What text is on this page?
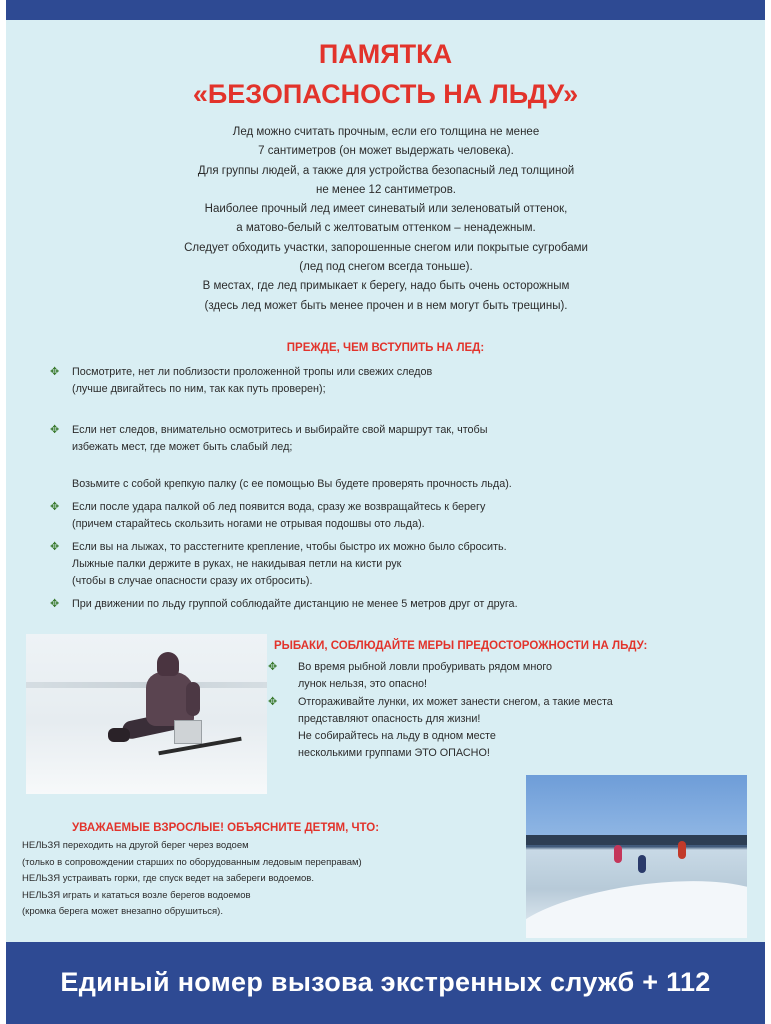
ПАМЯТКА
«БЕЗОПАСНОСТЬ НА ЛЬДУ»

Лед можно считать прочным, если его толщина не менее

7 сантиметров (он может выдержать человека).

Для группы людей, а также для устройства безопасный лед толщиной

не менее 12 сантиметров.

Наиболее прочный лед имеет синеватый или зеленоватый оттенок,

а матово-белый с желтоватым оттенком – ненадежным.

Следует обходить участки, запорошенные снегом или покрытые сугробами

(лед под снегом всегда тоньше).

В местах, где лед примыкает к берегу, надо быть очень осторожным

(здесь лед может быть менее прочен и в нем могут быть трещины).

ПРЕЖДЕ, ЧЕМ ВСТУПИТЬ НА ЛЕД:
✥ Посмотрите, нет ли поблизости проложенной тропы или свежих следов
(лучше двигайтесь по ним, так как путь проверен);
✥ Если нет следов, внимательно осмотритесь и выбирайте свой маршрут так, чтобы
избежать мест, где может быть слабый лед;

Возьмите с собой крепкую палку (с ее помощью Вы будете проверять прочность льда).

✥ Если после удара палкой об лед появится вода, сразу же возвращайтесь к берегу
(причем старайтесь скользить ногами не отрывая подошвы ото льда).
✥ Если вы на лыжах, то расстегните крепление, чтобы быстро их можно было сбросить.
Лыжные палки держите в руках, не накидывая петли на кисти рук
(чтобы в случае опасности сразу их отбросить).
✥ При движении по льду группой соблюдайте дистанцию не менее 5 метров друг от друга.
РЫБАКИ, СОБЛЮДАЙТЕ МЕРЫ ПРЕДОСТОРОЖНОСТИ НА ЛЬДУ:
✥	Во время рыбной ловли пробуривать рядом много
лунок нельзя, это опасно!
✥	Отгораживайте лунки, их может занести снегом, а такие места
представляют опасность для жизни!

Не собирайтесь на льду в одном месте
несколькими группами ЭТО ОПАСНО!

УВАЖАЕМЫЕ ВЗРОСЛЫЕ! ОБЪЯСНИТЕ ДЕТЯМ, ЧТО:

НЕЛЬЗЯ переходить на другой берег через водоем

(только в сопровождении старших по оборудованным ледовым переправам)

НЕЛЬЗЯ устраивать горки, где спуск ведет на забереги водоемов.

НЕЛЬЗЯ играть и кататься возле берегов водоемов

(кромка берега может внезапно обрушиться).

Единый номер вызова экстренных служб + 112
